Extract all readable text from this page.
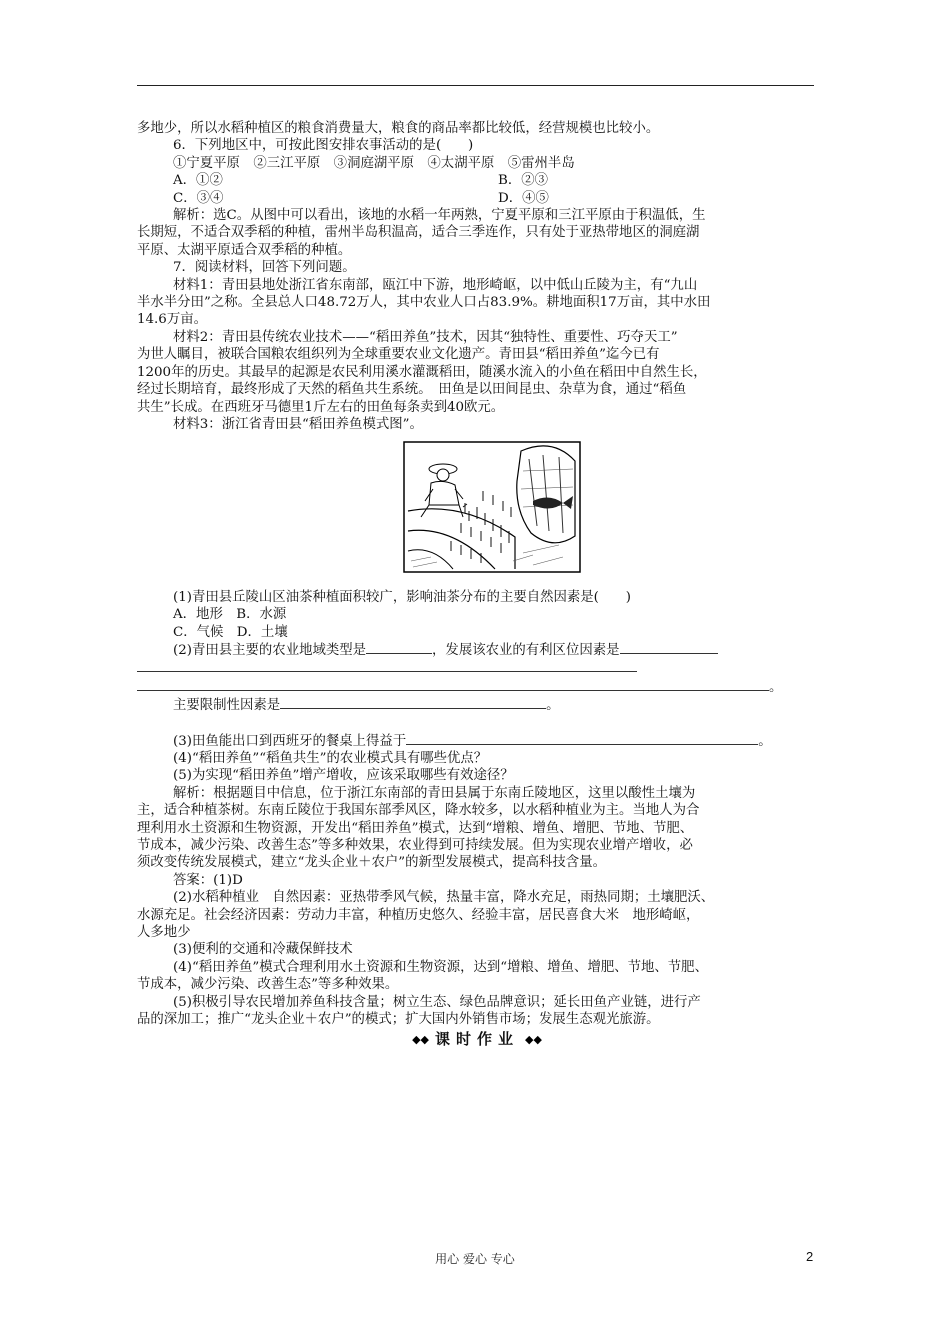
多地少，所以水稻种植区的粮食消费量大，粮食的商品率都比较低，经营规模也比较小。

6．下列地区中，可按此图安排农事活动的是(　　)

①宁夏平原　②三江平原　③洞庭湖平原　④太湖平原　⑤雷州半岛

A．①②	B．②③
C．③④	D．④⑤

解析：选C。从图中可以看出，该地的水稻一年两熟，宁夏平原和三江平原由于积温低，生

长期短，不适合双季稻的种植，雷州半岛积温高，适合三季连作，只有处于亚热带地区的洞庭湖

平原、太湖平原适合双季稻的种植。

7．阅读材料，回答下列问题。

材料1：青田县地处浙江省东南部，瓯江中下游，地形崎岖，以中低山丘陵为主，有“九山

半水半分田”之称。全县总人口48.72万人，其中农业人口占83.9%。耕地面积17万亩，其中水田

14.6万亩。

材料2：青田县传统农业技术——“稻田养鱼”技术，因其“独特性、重要性、巧夺天工”

为世人瞩目，被联合国粮农组织列为全球重要农业文化遗产。青田县“稻田养鱼”迄今已有

1200年的历史。其最早的起源是农民利用溪水灌溉稻田，随溪水流入的小鱼在稻田中自然生长，

经过长期培育，最终形成了天然的稻鱼共生系统。　田鱼是以田间昆虫、杂草为食，通过“稻鱼

共生”长成。在西班牙马德里1斤左右的田鱼每条卖到40欧元。

材料3：浙江省青田县“稻田养鱼模式图”。

(1)青田县丘陵山区油茶种植面积较广，影响油茶分布的主要自然因素是(　　)

A．地形　B．水源

C．气候　D．土壤

(2)青田县主要的农业地域类型是	，发展该农业的有利区位因素是

。

主要限制性因素是	。

(3)田鱼能出口到西班牙的餐桌上得益于	。

(4)“稻田养鱼”“稻鱼共生”的农业模式具有哪些优点？

(5)为实现“稻田养鱼”增产增收，应该采取哪些有效途径？

解析：根据题目中信息，位于浙江东南部的青田县属于东南丘陵地区，这里以酸性土壤为

主，适合种植茶树。东南丘陵位于我国东部季风区，降水较多，以水稻种植业为主。当地人为合

理利用水土资源和生物资源，开发出“稻田养鱼”模式，达到“增粮、增鱼、增肥、节地、节肥、

节成本，减少污染、改善生态”等多种效果，农业得到可持续发展。但为实现农业增产增收，必

须改变传统发展模式，建立“龙头企业＋农户”的新型发展模式，提高科技含量。

答案：(1)D

(2)水稻种植业　自然因素：亚热带季风气候，热量丰富，降水充足，雨热同期；土壤肥沃、

水源充足。社会经济因素：劳动力丰富，种植历史悠久、经验丰富，居民喜食大米　地形崎岖，

人多地少

(3)便利的交通和冷藏保鲜技术

(4)“稻田养鱼”模式合理利用水土资源和生物资源，达到“增粮、增鱼、增肥、节地、节肥、

节成本，减少污染、改善生态”等多种效果。

(5)积极引导农民增加养鱼科技含量；树立生态、绿色品牌意识；延长田鱼产业链，进行产

品的深加工；推广“龙头企业＋农户”的模式；扩大国内外销售市场；发展生态观光旅游。

◆◆ 课时作业 ◆◆
用心 爱心 专心	2
